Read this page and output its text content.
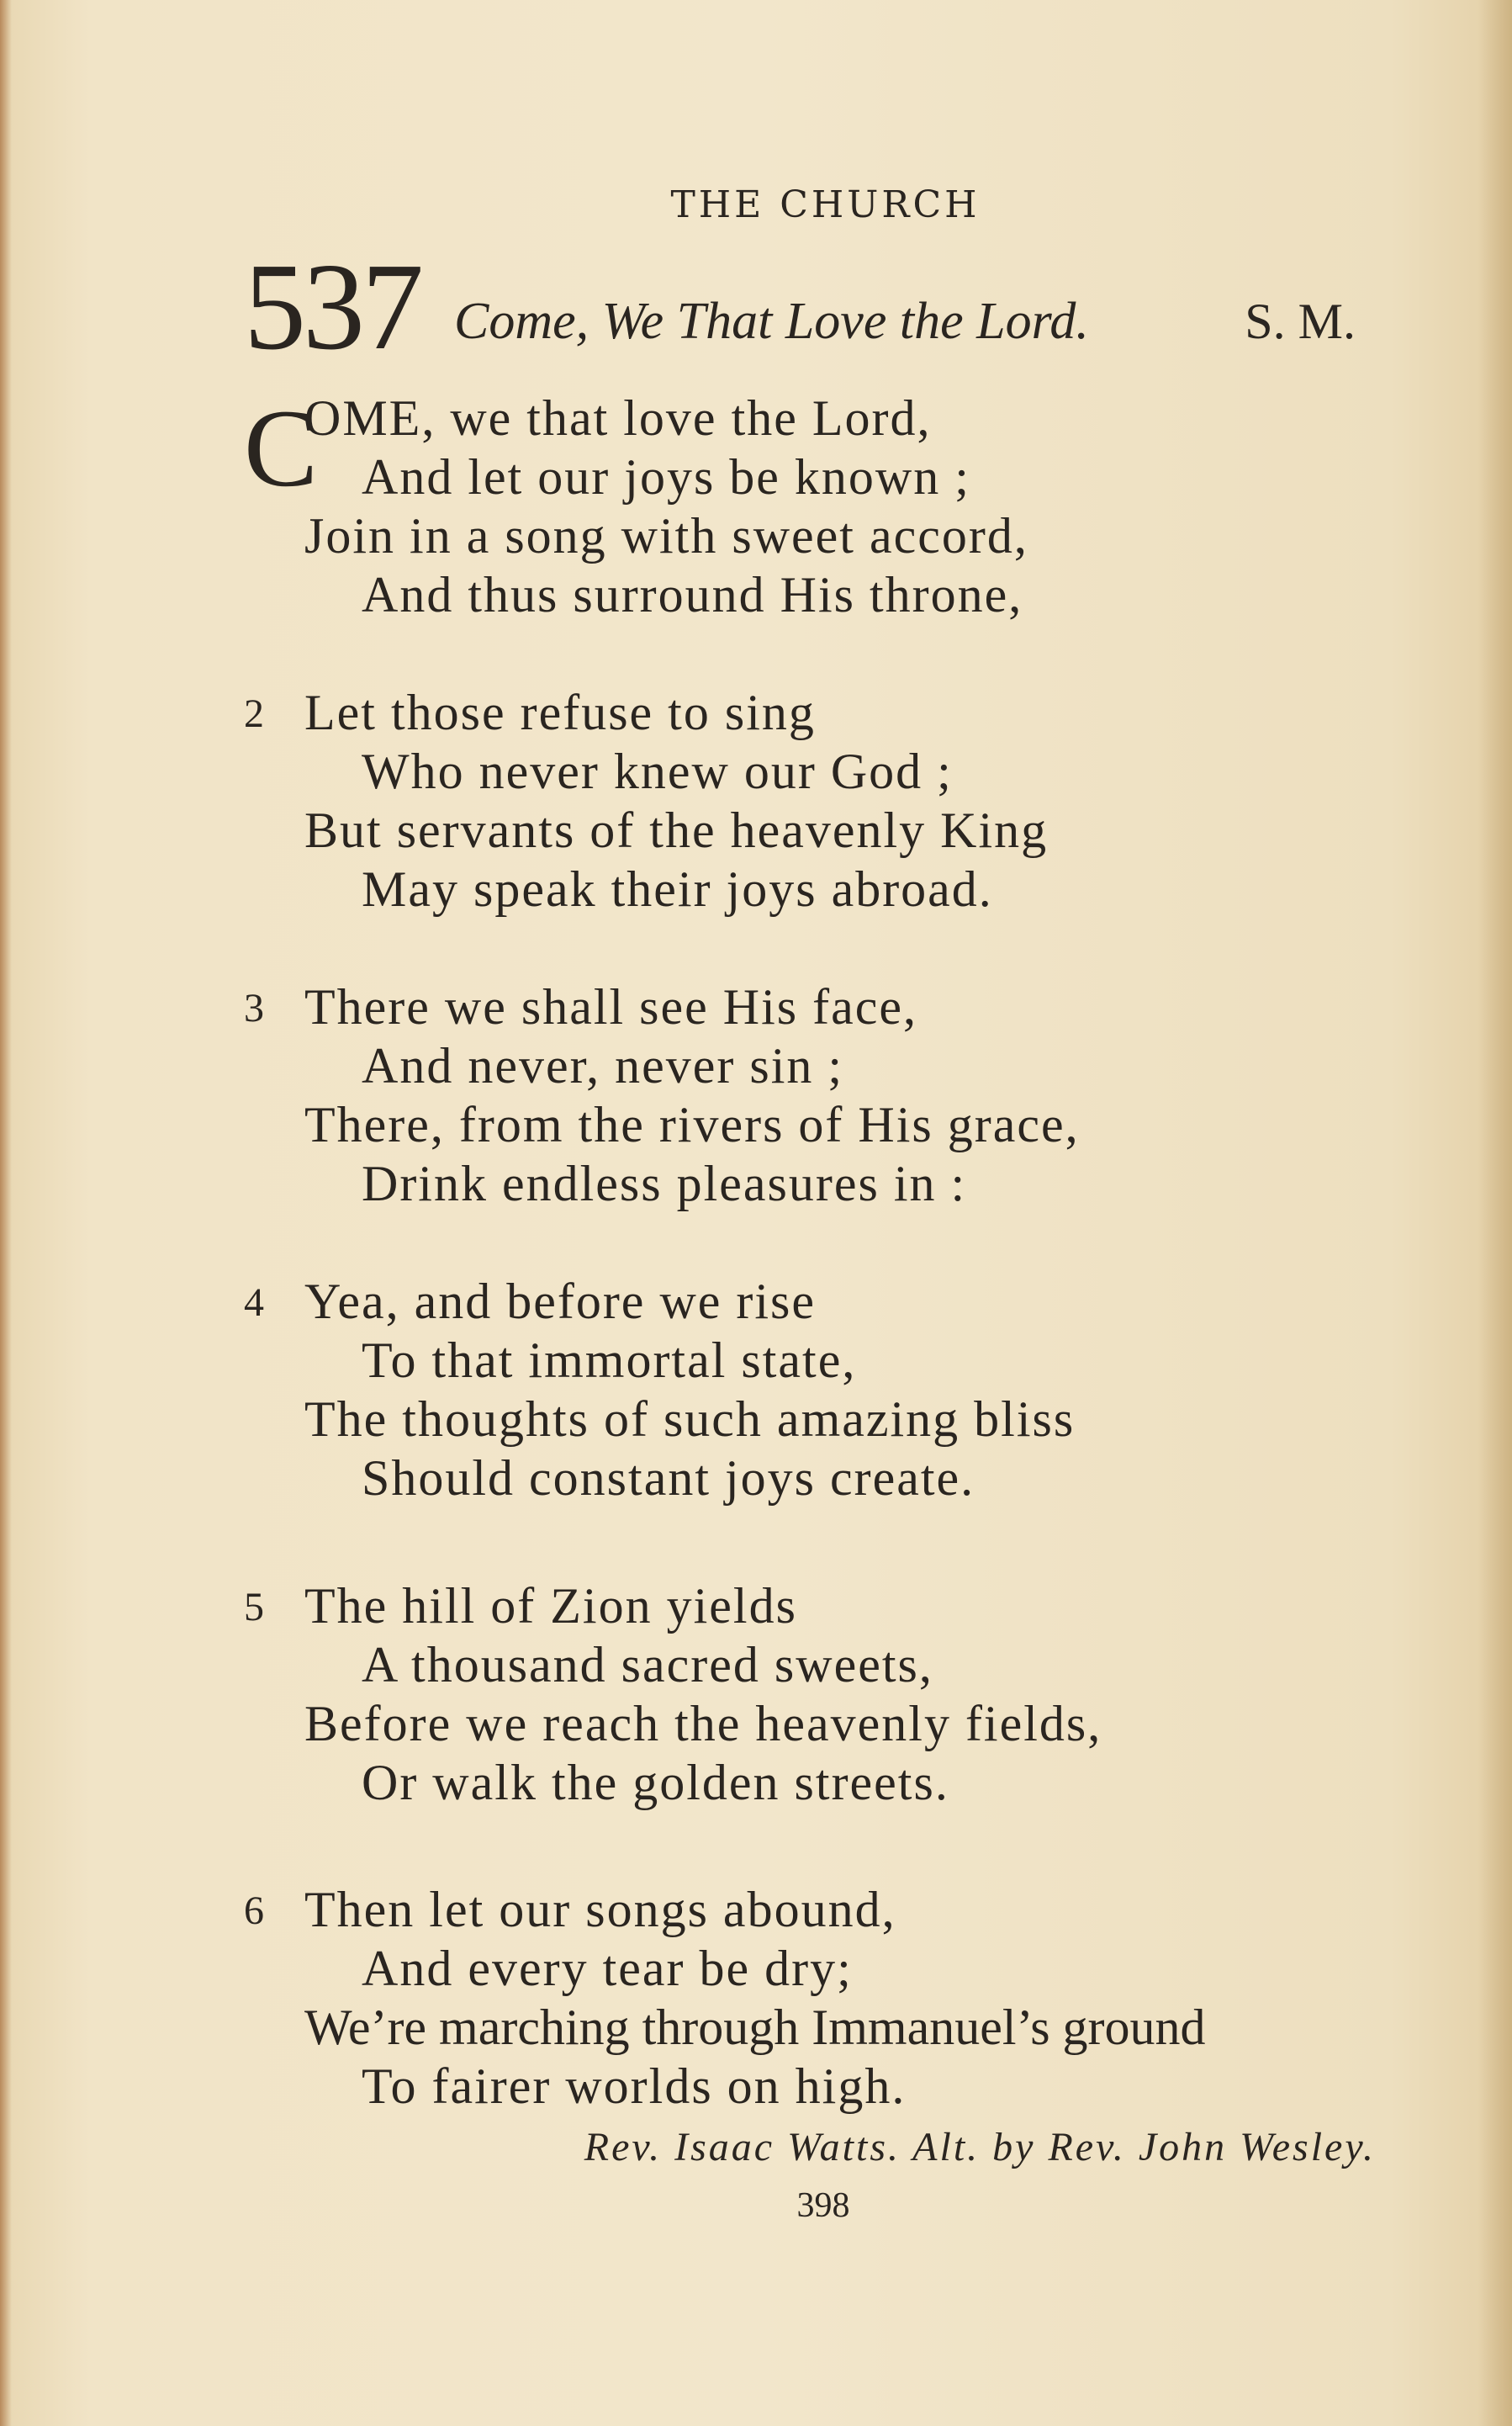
THE CHURCH
537 Come, We That Love the Lord.	S. M.
C
OME, we that love the Lord,
And let our joys be known ;
Join in a song with sweet accord,
And thus surround His throne,
2 Let those refuse to sing
Who never knew our God ;
But servants of the heavenly King
May speak their joys abroad.
3 There we shall see His face,
And never, never sin ;
There, from the rivers of His grace,
Drink endless pleasures in :
4 Yea, and before we rise
To that immortal state,
The thoughts of such amazing bliss
Should constant joys create.
5 The hill of Zion yields
A thousand sacred sweets,
Before we reach the heavenly fields,
Or walk the golden streets.
6 Then let our songs abound,
And every tear be dry;
We’re marching through Immanuel’s ground
To fairer worlds on high.
Rev. Isaac Watts. Alt. by Rev. John Wesley.
398
